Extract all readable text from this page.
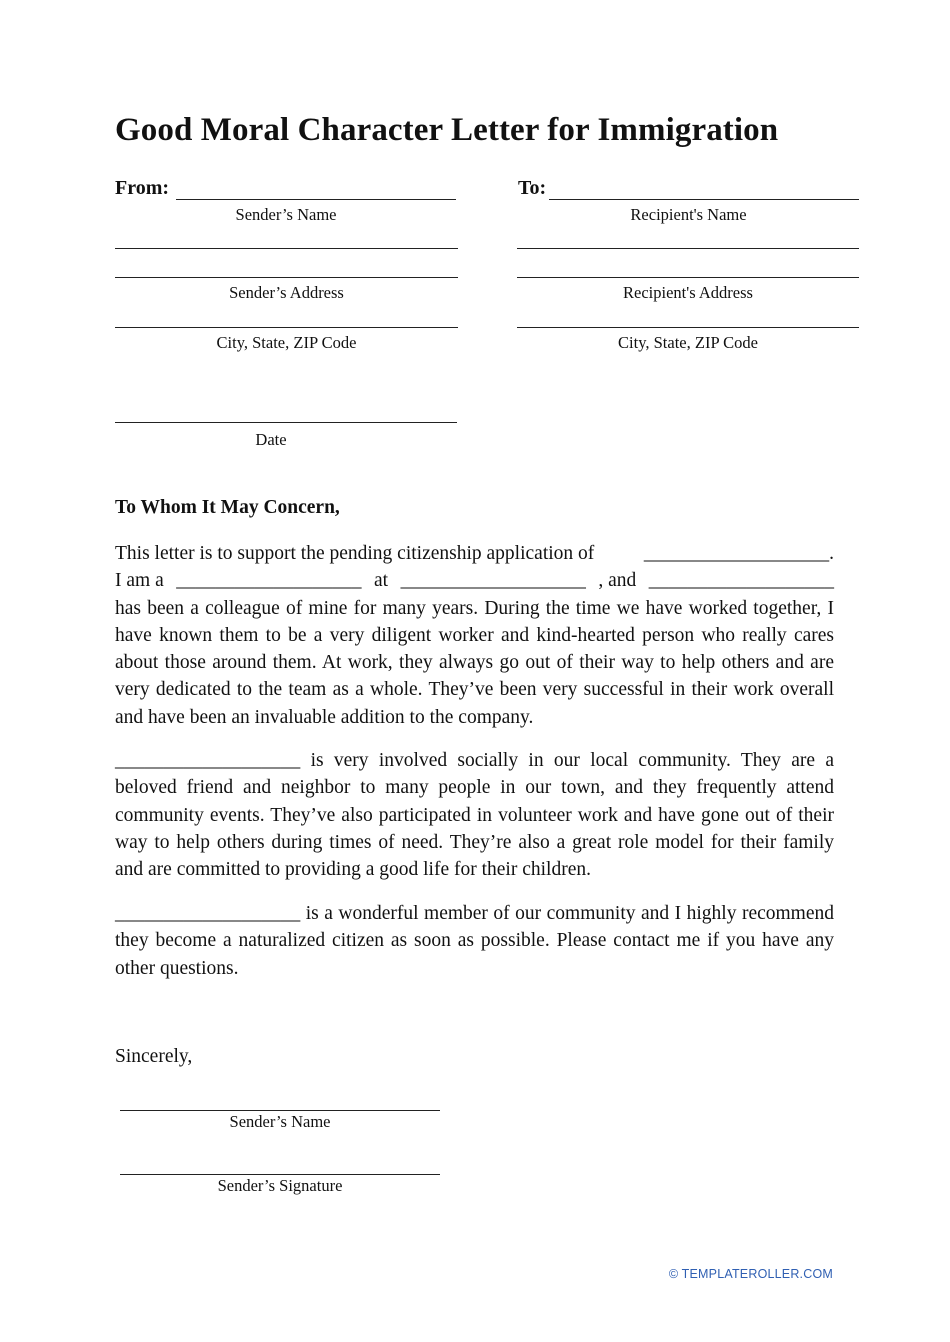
Good Moral Character Letter for Immigration
From:
Sender’s Name
Sender’s Address
City, State, ZIP Code
Date
To:
Recipient's Name
Recipient's Address
City, State, ZIP Code
To Whom It May Concern,
This letter is to support the pending citizenship application of	___________________.
I am a ___________________ at ___________________ , and ___________________
has been a colleague of mine for many years. During the time we have worked together, I have known them to be a very diligent worker and kind-hearted person who really cares about those around them. At work, they always go out of their way to help others and are very dedicated to the team as a whole. They’ve been very successful in their work overall and have been an invaluable addition to the company.
___________________ is very involved socially in our local community. They are a beloved friend and neighbor to many people in our town, and they frequently attend community events. They’ve also participated in volunteer work and have gone out of their way to help others during times of need. They’re also a great role model for their family and are committed to providing a good life for their children.
___________________ is a wonderful member of our community and I highly recommend they become a naturalized citizen as soon as possible. Please contact me if you have any other questions.
Sincerely,
Sender’s Name
Sender’s Signature
© TEMPLATEROLLER.COM
